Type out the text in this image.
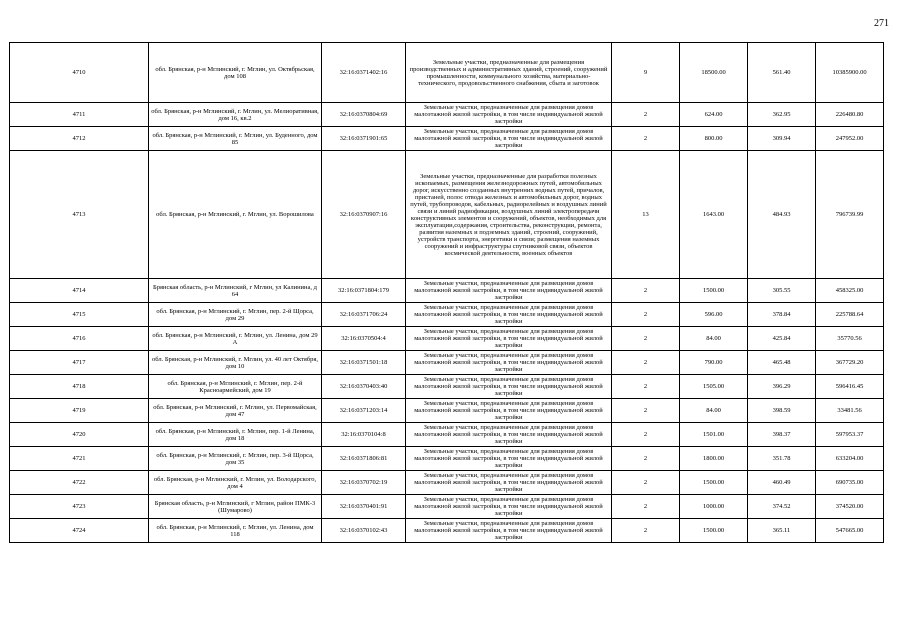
271
4710	обл. Брянская, р-н Мглинский, г. Мглин, ул. Октябрьская, дом 108	32:16:0371402:16	Земельные участки, предназначенные для размещения производственных и административных зданий, строений, сооружений промышленности, коммунального хозяйства, материально-технического, продовольственного снабжения, сбыта и заготовок	9	18500.00	561.40	10385900.00
4711	обл. Брянская, р-н Мглинский, г. Мглин, ул. Мелиоративная, дом 16, кв.2	32:16:0370804:69	Земельные участки, предназначенные для размещения домов малоэтажной жилой застройки, в том числе индивидуальной жилой застройки	2	624.00	362.95	226480.80
4712	обл. Брянская, р-н Мглинский, г. Мглин, ул. Буденного, дом 85	32:16:0371901:65	Земельные участки, предназначенные для размещения домов малоэтажной жилой застройки, в том числе индивидуальной жилой застройки	2	800.00	309.94	247952.00
4713	обл. Брянская, р-н Мглинский, г. Мглин, ул. Ворошилова	32:16:0370907:16	Земельные участки, предназначенные для разработки полезных ископаемых, размещения железнодорожных путей, автомобильных дорог, искусственно созданных внутренних водных путей, причалов, пристаней, полос отвода железных и автомобильных дорог, водных путей, трубопроводов, кабельных, радиорелейных и воздушных линий связи и линий радиофикации, воздушных линий электропередачи конструктивных элементов и сооружений, объектов, необходимых для эксплуатации,содержания, строительства, реконструкции, ремонта, развития наземных и подземных зданий, строений, сооружений, устройств транспорта, энергетики и связи; размещения наземных сооружений и инфраструктуры спутниковой связи, объектов космической деятельности, военных объектов	13	1643.00	484.93	796739.99
4714	Брянская область, р-н Мглинский, г Мглин, ул Калинина, д 64	32:16:0371804:179	Земельные участки, предназначенные для размещения домов малоэтажной жилой застройки, в том числе индивидуальной жилой застройки	2	1500.00	305.55	458325.00
4715	обл. Брянская, р-н Мглинский, г. Мглин, пер. 2-й Щорса, дом 29	32:16:0371706:24	Земельные участки, предназначенные для размещения домов малоэтажной жилой застройки, в том числе индивидуальной жилой застройки	2	596.00	378.84	225788.64
4716	обл. Брянская, р-н Мглинский, г. Мглин, ул. Ленина, дом 29 А	32:16:0370504:4	Земельные участки, предназначенные для размещения домов малоэтажной жилой застройки, в том числе индивидуальной жилой застройки	2	84.00	425.84	35770.56
4717	обл. Брянская, р-н Мглинский, г. Мглин, ул. 40 лет Октября, дом 10	32:16:0371501:18	Земельные участки, предназначенные для размещения домов малоэтажной жилой застройки, в том числе индивидуальной жилой застройки	2	790.00	465.48	367729.20
4718	обл. Брянская, р-н Мглинский, г. Мглин, пер. 2-й Красноармейский, дом 19	32:16:0370403:40	Земельные участки, предназначенные для размещения домов малоэтажной жилой застройки, в том числе индивидуальной жилой застройки	2	1505.00	396.29	596416.45
4719	обл. Брянская, р-н Мглинский, г. Мглин, ул. Первомайская, дом 47	32:16:0371203:14	Земельные участки, предназначенные для размещения домов малоэтажной жилой застройки, в том числе индивидуальной жилой застройки	2	84.00	398.59	33481.56
4720	обл. Брянская, р-н Мглинский, г. Мглин, пер. 1-й Ленина, дом 18	32:16:0370104:8	Земельные участки, предназначенные для размещения домов малоэтажной жилой застройки, в том числе индивидуальной жилой застройки	2	1501.00	398.37	597953.37
4721	обл. Брянская, р-н Мглинский, г. Мглин, пер. 3-й Щорса, дом 35	32:16:0371806:81	Земельные участки, предназначенные для размещения домов малоэтажной жилой застройки, в том числе индивидуальной жилой застройки	2	1800.00	351.78	633204.00
4722	обл. Брянская, р-н Мглинский, г. Мглин, ул. Володарского, дом 4	32:16:0370702:19	Земельные участки, предназначенные для размещения домов малоэтажной жилой застройки, в том числе индивидуальной жилой застройки	2	1500.00	460.49	690735.00
4723	Брянская область, р-н Мглинский, г Мглин, район ПМК-3 (Шумарово)	32:16:0370401:91	Земельные участки, предназначенные для размещения домов малоэтажной жилой застройки, в том числе индивидуальной жилой застройки	2	1000.00	374.52	374520.00
4724	обл. Брянская, р-н Мглинский, г. Мглин, ул. Ленина, дом 118	32:16:0370102:43	Земельные участки, предназначенные для размещения домов малоэтажной жилой застройки, в том числе индивидуальной жилой застройки	2	1500.00	365.11	547665.00
